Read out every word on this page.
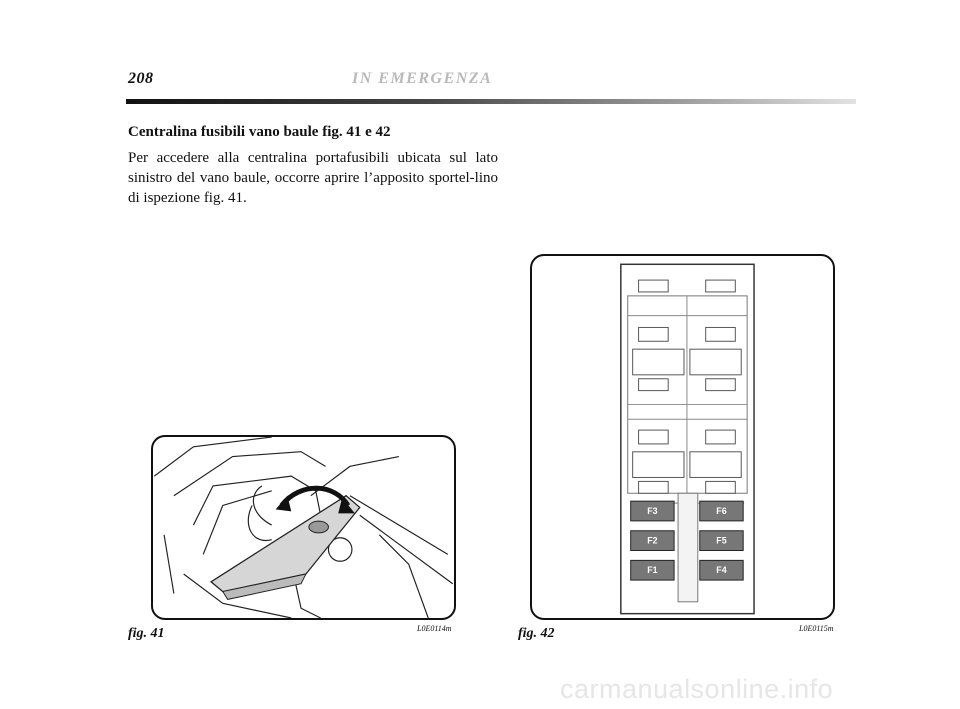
208	IN EMERGENZA
Centralina fusibili vano baule fig. 41 e 42
Per accedere alla centralina portafusibili ubicata sul lato sinistro del vano baule, occorre aprire l’apposito sportel-lino di ispezione fig. 41.
fig. 41	L0E0114m
F3	F6
F2	F5
F1	F4
fig. 42	L0E0115m
carmanualsonline.info
